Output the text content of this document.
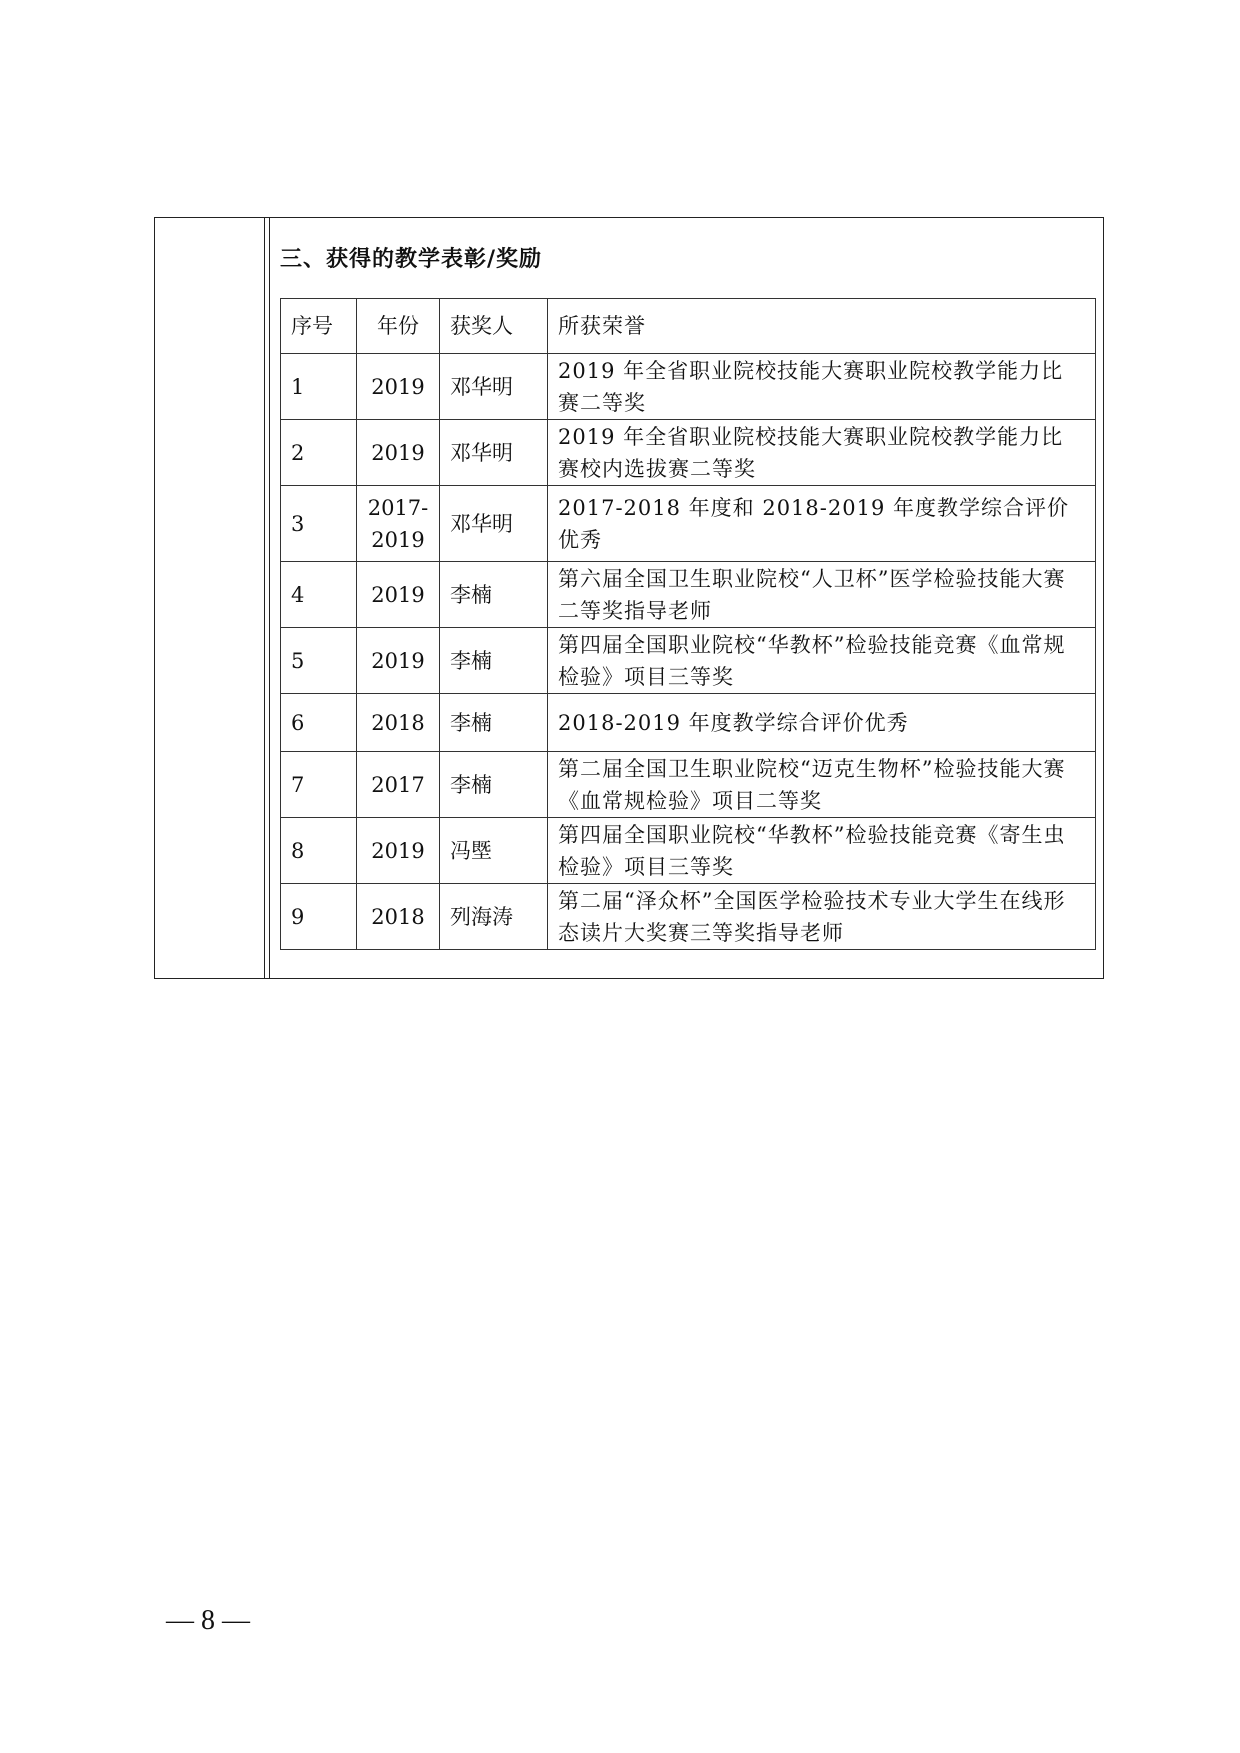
三、获得的教学表彰/奖励
序号	年份	获奖人	所获荣誉
1	2019	邓华明	2019 年全省职业院校技能大赛职业院校教学能力比赛二等奖
2	2019	邓华明	2019 年全省职业院校技能大赛职业院校教学能力比赛校内选拔赛二等奖
3	2017-2019	邓华明	2017-2018 年度和 2018-2019 年度教学综合评价优秀
4	2019	李楠	第六届全国卫生职业院校“人卫杯”医学检验技能大赛二等奖指导老师
5	2019	李楠	第四届全国职业院校“华教杯”检验技能竞赛《血常规检验》项目三等奖
6	2018	李楠	2018-2019 年度教学综合评价优秀
7	2017	李楠	第二届全国卫生职业院校“迈克生物杯”检验技能大赛《血常规检验》项目二等奖
8	2019	冯塈	第四届全国职业院校“华教杯”检验技能竞赛《寄生虫检验》项目三等奖
9	2018	列海涛	第二届“泽众杯”全国医学检验技术专业大学生在线形态读片大奖赛三等奖指导老师
— 8 —
